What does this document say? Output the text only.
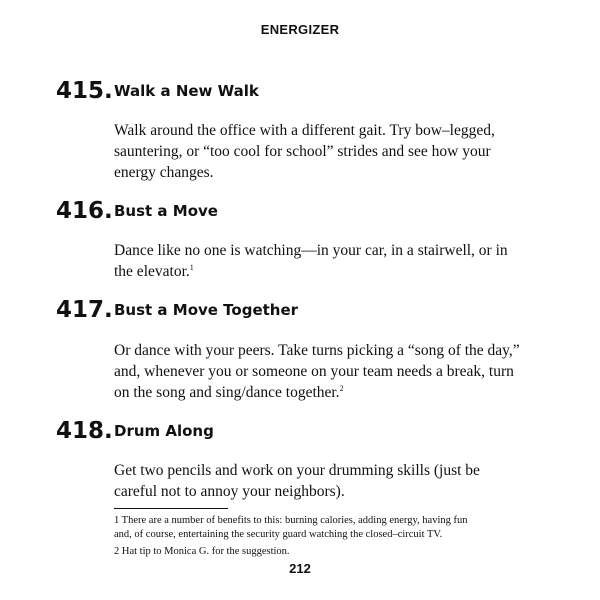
ENERGIZER
415. Walk a New Walk
Walk around the office with a different gait. Try bow–legged,
sauntering, or “too cool for school” strides and see how your
energy changes.
416. Bust a Move
Dance like no one is watching—in your car, in a stairwell, or in
the elevator.$^1$
417. Bust a Move Together
Or dance with your peers. Take turns picking a “song of the day,”
and, whenever you or someone on your team needs a break, turn
on the song and sing/dance together.$^2$
418. Drum Along
Get two pencils and work on your drumming skills (just be
careful not to annoy your neighbors).
1 There are a number of benefits to this: burning calories, adding energy, having fun
and, of course, entertaining the security guard watching the closed–circuit TV.
2 Hat tip to Monica G. for the suggestion.
212
